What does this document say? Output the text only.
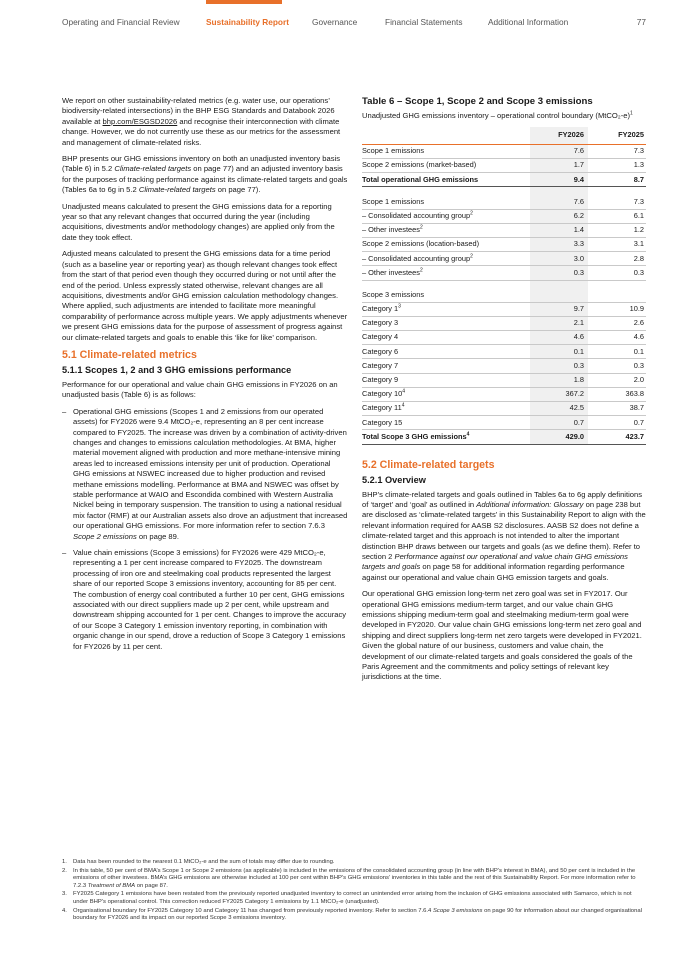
Operating and Financial Review	Sustainability Report	Governance	Financial Statements	Additional Information	77

We report on other sustainability-related metrics (e.g. water use, our operations’ biodiversity-related intersections) in the BHP ESG Standards and Databook 2026 available at bhp.com/ESGSD2026 and recognise their interconnection with climate change. However, we do not currently use these as our metrics for the assessment and management of climate-related risks.

BHP presents our GHG emissions inventory on both an unadjusted inventory basis (Table 6) in 5.2 Climate-related targets on page 77) and an adjusted inventory basis for the purposes of tracking performance against its climate-related targets and goals (Tables 6a to 6g in 5.2 Climate-related targets on page 77).

Unadjusted means calculated to present the GHG emissions data for a reporting year so that any relevant changes that occurred during the year (including acquisitions, divestments and/or methodology changes) are applied only from the date they took effect.

Adjusted means calculated to present the GHG emissions data for a time period (such as a baseline year or reporting year) as though relevant changes took effect from the start of that period even though they occurred during or not until after the end of the period. Unless expressly stated otherwise, relevant changes are all acquisitions, divestments and/or GHG emission calculation methodology changes. Where applied, such adjustments are intended to facilitate more meaningful comparability of performance across multiple years. We apply adjustments whenever we present GHG emissions data for the purpose of assessment of progress against our climate-related targets and goals to enable this ‘like for like’ comparison.

5.1 Climate-related metrics
5.1.1 Scopes 1, 2 and 3 GHG emissions performance

Performance for our operational and value chain GHG emissions in FY2026 on an unadjusted basis (Table 6) is as follows:

– Operational GHG emissions (Scopes 1 and 2 emissions from our operated assets) for FY2026 were 9.4 MtCO₂-e, representing an 8 per cent increase compared to FY2025. The increase was driven by a combination of activity-driven changes and changes to emissions calculation methodologies. At BMA, higher material movement aligned with production and more methane-intensive mining areas led to increased emissions intensity per unit of production. Operational GHG emissions at NSWEC increased due to higher production and revised methane emissions modelling. Performance at BMA and NSWEC was offset by stable performance at WAIO and Escondida combined with Western Australia Nickel being in temporary suspension. The transition to using a national residual mix factor (RMF) at our Australian assets also drove an adjustment that increased our operational GHG emissions. For more information refer to section 7.6.3 Scope 2 emissions on page 89.
– Value chain emissions (Scope 3 emissions) for FY2026 were 429 MtCO₂-e, representing a 1 per cent increase compared to FY2025. The downstream processing of iron ore and steelmaking coal products represented the largest share of our reported Scope 3 emissions inventory, accounting for 85 per cent. The combustion of energy coal contributed a further 10 per cent, GHG emissions associated with our direct suppliers made up 2 per cent, while upstream and downstream shipping accounted for 1 per cent. Changes to improve the accuracy of our Scope 3 Category 1 emission inventory reporting, in combination with organic change in our spend, drove a reduction of Scope 3 Category 1 emissions for FY2026 by 11 per cent.
Table 6 – Scope 1, Scope 2 and Scope 3 emissions
Unadjusted GHG emissions inventory – operational control boundary (MtCO₂-e)$^1$
	FY2026	FY2025
Scope 1 emissions	7.6	7.3
Scope 2 emissions (market-based)	1.7	1.3
Total operational GHG emissions	9.4	8.7

Scope 1 emissions	7.6	7.3
– Consolidated accounting group$^2$	6.2	6.1
– Other investees$^2$	1.4	1.2
Scope 2 emissions (location-based)	3.3	3.1
– Consolidated accounting group$^2$	3.0	2.8
– Other investees$^2$	0.3	0.3

Scope 3 emissions		
Category $1^3$	9.7	10.9
Category 3	2.1	2.6
Category 4	4.6	4.6
Category 6	0.1	0.1
Category 7	0.3	0.3
Category 9	1.8	2.0
Category $10^4$	367.2	363.8
Category $11^4$	42.5	38.7
Category 15	0.7	0.7
Total Scope 3 GHG emissions$^4$	429.0	423.7
5.2 Climate-related targets
5.2.1 Overview

BHP’s climate-related targets and goals outlined in Tables 6a to 6g apply definitions of ‘target’ and ‘goal’ as outlined in Additional information: Glossary on page 238 but are disclosed as ‘climate-related targets’ in this Sustainability Report to align with the relevant information required for AASB S2 disclosures. AASB S2 does not define a climate-related target and this approach is not intended to alter the important distinction BHP draws between our targets and goals (as we define them). Refer to section 2 Performance against our operational and value chain GHG emissions targets and goals on page 58 for additional information regarding performance against our operational and value chain GHG emission targets and goals.

Our operational GHG emission long-term net zero goal was set in FY2017. Our operational GHG emissions medium-term target, and our value chain GHG emissions shipping medium-term goal and steelmaking medium-term goal were developed in FY2020. Our value chain GHG emissions long-term net zero goal and shipping and direct suppliers long-term net zero targets were developed in FY2021. Given the global nature of our business, customers and value chain, the development of our climate-related targets and goals considered the goals of the Paris Agreement and the commitments and policy settings of relevant key jurisdictions at the time.

1. Data has been rounded to the nearest 0.1 MtCO₂-e and the sum of totals may differ due to rounding.
2. In this table, 50 per cent of BMA’s Scope 1 or Scope 2 emissions (as applicable) is included in the emissions of the consolidated accounting group (in line with BHP’s interest in BMA), and 50 per cent is included in the emissions of other investees. BMA’s GHG emissions are otherwise included at 100 per cent within BHP’s GHG emissions’ inventories in this table and the rest of this Sustainability Report. For more information refer to 7.2.3 Treatment of BMA on page 87.
3. FY2025 Category 1 emissions have been restated from the previously reported unadjusted inventory to correct an unintended error arising from the inclusion of GHG emissions associated with Samarco, which is not under BHP’s operational control. This correction reduced FY2025 Category 1 emissions by 1.1 MtCO₂-e (unadjusted).
4. Organisational boundary for FY2025 Category 10 and Category 11 has changed from previously reported inventory. Refer to section 7.6.4 Scope 3 emissions on page 90 for information about our changed organisational boundary for FY2026 and its impact on our reported Scope 3 emissions inventory.
